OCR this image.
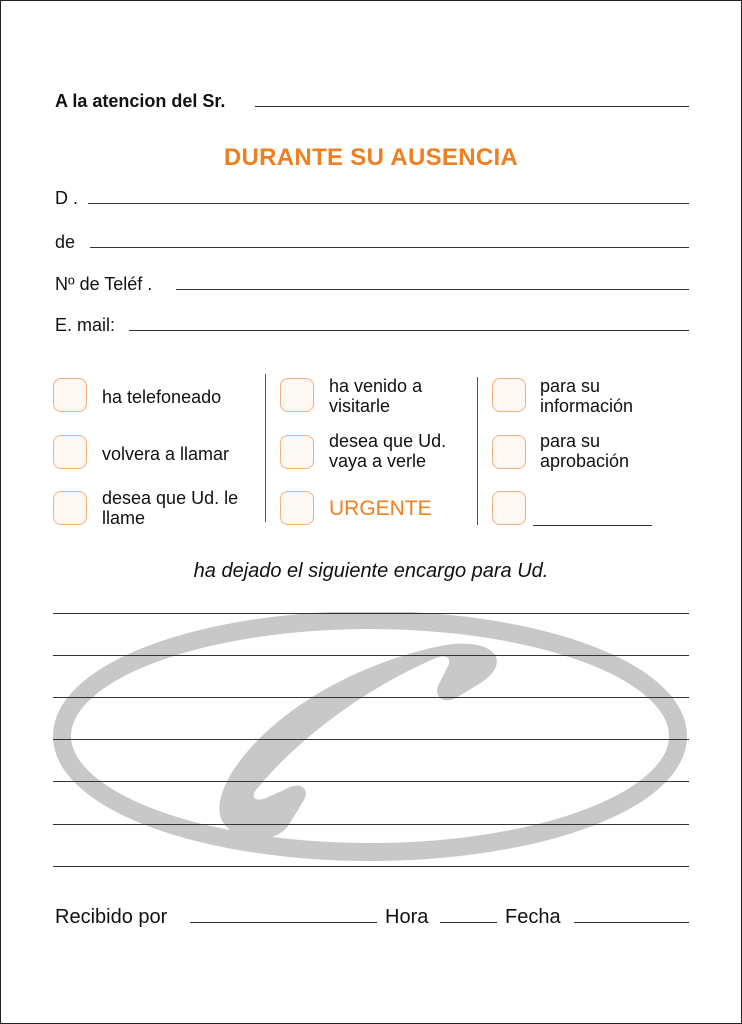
A la atencion del Sr.
DURANTE SU AUSENCIA
D .
de
Nº de Teléf .
E. mail:
ha telefoneado
volvera a llamar
desea que Ud. le llame
ha venido a visitarle
desea que Ud. vaya a verle
URGENTE
para su información
para su aprobación
ha dejado el siguiente encargo para Ud.
Recibido por	Hora	Fecha
